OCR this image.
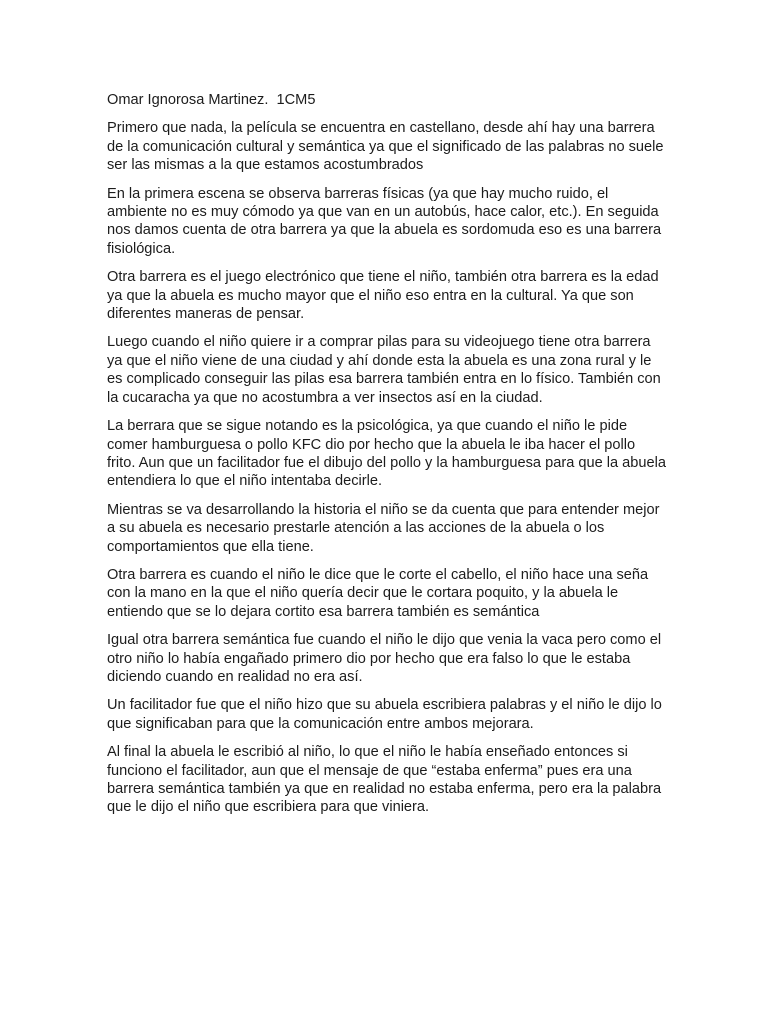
Omar Ignorosa Martinez.  1CM5

Primero que nada, la película se encuentra en castellano, desde ahí hay una barrera de la comunicación cultural y semántica ya que el significado de las palabras no suele ser las mismas a la que estamos acostumbrados

En la primera escena se observa barreras físicas (ya que hay mucho ruido, el ambiente no es muy cómodo ya que van en un autobús, hace calor, etc.). En seguida nos damos cuenta de otra barrera ya que la abuela es sordomuda eso es una barrera fisiológica.

Otra barrera es el juego electrónico que tiene el niño, también otra barrera es la edad ya que la abuela es mucho mayor que el niño eso entra en la cultural. Ya que son diferentes maneras de pensar.

Luego cuando el niño quiere ir a comprar pilas para su videojuego tiene otra barrera ya que el niño viene de una ciudad y ahí donde esta la abuela es una zona rural y le es complicado conseguir las pilas esa barrera también entra en lo físico. También con la cucaracha ya que no acostumbra a ver insectos así en la ciudad.

La berrara que se sigue notando es la psicológica, ya que cuando el niño le pide comer hamburguesa o pollo KFC dio por hecho que la abuela le iba hacer el pollo frito. Aun que un facilitador fue el dibujo del pollo y la hamburguesa para que la abuela entendiera lo que el niño intentaba decirle.

Mientras se va desarrollando la historia el niño se da cuenta que para entender mejor a su abuela es necesario prestarle atención a las acciones de la abuela o los comportamientos que ella tiene.

Otra barrera es cuando el niño le dice que le corte el cabello, el niño hace una seña con la mano en la que el niño quería decir que le cortara poquito, y la abuela le entiendo que se lo dejara cortito esa barrera también es semántica

Igual otra barrera semántica fue cuando el niño le dijo que venia la vaca pero como el otro niño lo había engañado primero dio por hecho que era falso lo que le estaba diciendo cuando en realidad no era así.

Un facilitador fue que el niño hizo que su abuela escribiera palabras y el niño le dijo lo que significaban para que la comunicación entre ambos mejorara.

Al final la abuela le escribió al niño, lo que el niño le había enseñado entonces si funciono el facilitador, aun que el mensaje de que “estaba enferma” pues era una barrera semántica también ya que en realidad no estaba enferma, pero era la palabra que le dijo el niño que escribiera para que viniera.
